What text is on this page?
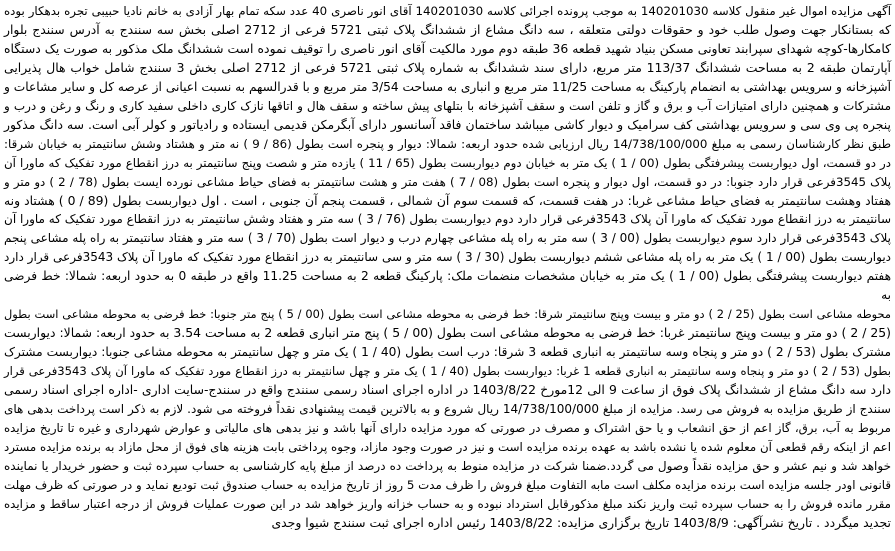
آگهی مزایده اموال غیر منقول کلاسه 140201030 به موجب پرونده اجرائی کلاسه 140201030 آقای انور ناصری 40 عدد سکه تمام بهار آزادی به خانم نادیا حبیبی تجره بدهکار بوده
که بستانکار جهت وصول طلب خود و حقوقات دولتی متعلقه ، سه دانگ مشاع از ششدانگ پلاک ثبتی 5721 فرعی از 2712 اصلی بخش سه سنندج به آدرس سنندج بلوار
کامکارها-کوچه شهدای سپرابند تعاونی مسکن بنیاد شهید قطعه 36 طبقه دوم مورد مالکیت آقای انور ناصری را توقیف نموده است ششدانگ ملک مذکور به صورت یک دستگاه
آپارتمان طبقه 2 به مساحت ششدانگ 113/37 متر مربع، دارای سند ششدانگ به شماره پلاک ثبتی 5721 فرعی از 2712 اصلی بخش 3 سنندج شامل خواب هال پذیرایی
آشپزخانه و سرویس بهداشتی به انضمام پارکینگ به مساحت 11/25 متر مربع و انباری به مساحت 3/54 متر مربع و با قدرالسهم به نسبت اعیانی از عرصه کل و سایر مشاعات و
مشترکات و همچنین دارای امتیازات آب و برق و گاز و تلفن است و سقف آشپزخانه با بتلهای پیش ساخته و سقف هال و اتاقها نازک کاری داخلی سفید کاری و رنگ و رغن و درب و
پنجره پی وی سی و سرویس بهداشتی کف سرامیک و دیوار کاشی میباشد ساختمان فاقد آسانسور دارای آبگرمکن قدیمی ایستاده و رادیاتور و کولر آبی است. سه دانگ مذکور
طبق نظر کارشناسان رسمی به مبلغ 14/738/100/000 ریال ارزیابی شده حدود اربعه: شمالا: دیوار و پنجره است بطول (86 / 9 ) نه متر و هشتاد وشش سانتیمتر به خیابان شرقا:
در دو قسمت، اول دیواربست پیشرفتگی بطول (00 / 1 ) یک متر به خیابان دوم دیواربست بطول (65 / 11 ) یازده متر و شصت وپنج سانتیمتر به درز انقطاع مورد تفکیک که ماورا آن
پلاک 3545فرعی قرار دارد جنوبا: در دو قسمت، اول دیوار و پنجره است بطول (08 / 7 ) هفت متر و هشت سانتیمتر به فضای حیاط مشاعی نورده ایست بطول (78 / 2 ) دو متر و
هفتاد وهشت سانتیمتر به فضای حیاط مشاعی غربا: در هفت قسمت، که قسمت سوم آن شمالی ، قسمت پنجم آن جنوبی ، است . اول دیواربست بطول (89 / 0 ) هشتاد ونه
سانتیمتر به درز انقطاع مورد تفکیک که ماورا آن پلاک 3543فرعی قرار دارد دوم دیواربست بطول (76 / 3 ) سه متر و هفتاد وشش سانتیمتر به درز انقطاع مورد تفکیک که ماورا آن
پلاک 3543فرعی قرار دارد سوم دیواربست بطول (00 / 3 ) سه متر به راه پله مشاعی چهارم درب و دیوار است بطول (70 / 3 ) سه متر و هفتاد سانتیمتر به راه پله مشاعی پنجم
دیواربست بطول (00 / 1 ) یک متر به راه پله مشاعی ششم دیواربست بطول (30 / 3 ) سه متر و سی سانتیمتر به درز انقطاع مورد تفکیک که ماورا آن پلاک 3543فرعی قرار دارد
هفتم دیواربست پیشرفتگی بطول (00 / 1 ) یک متر به خیابان مشخصات منضمات ملک: پارکینگ قطعه 2 به مساحت 11.25 واقع در طبقه 0 به حدود اربعه: شمالا: خط فرضی به
محوطه مشاعی است بطول (25 / 2 ) دو متر و بیست وپنج سانتیمتر شرقا: خط فرضی به محوطه مشاعی است بطول (00 / 5 ) پنج متر جنوبا: خط فرضی به محوطه مشاعی است بطول
(25 / 2 ) دو متر و بیست وپنج سانتیمتر غربا: خط فرضی به محوطه مشاعی است بطول (00 / 5 ) پنج متر انباری قطعه 2 به مساحت 3.54 به حدود اربعه: شمالا: دیواربست
مشترک بطول (53 / 2 ) دو متر و پنجاه وسه سانتیمتر به انباری قطعه 3 شرقا: درب است بطول (40 / 1 ) یک متر و چهل سانتیمتر به محوطه مشاعی جنوبا: دیواربست مشترک
بطول (53 / 2 ) دو متر و پنجاه وسه سانتیمتر به انباری قطعه 1 غربا: دیواربست بطول (40 / 1 ) یک متر و چهل سانتیمتر به درز انقطاع مورد تفکیک که ماورا آن پلاک 3543فرعی قرار
دارد سه دانگ مشاع از ششدانگ پلاک فوق از ساعت 9 الی 12مورخ 1403/8/22 در اداره اجرای اسناد رسمی سنندج واقع در سنندج-سایت اداری -اداره اجرای اسناد رسمی
سنندج از طریق مزایده به فروش می رسد. مزایده از مبلغ 14/738/100/000 ریال شروع و به بالاترین قیمت پیشنهادی نقداً فروخته می شود. لازم به ذکر است پرداخت بدهی های
مربوط به آب، برق، گاز اعم از حق انشعاب و یا حق اشتراک و مصرف در صورتی که مورد مزایده دارای آنها باشد و نیز بدهی های مالیاتی و عوارض شهرداری و غیره تا تاریخ مزایده
اعم از اینکه رقم قطعی آن معلوم شده یا نشده باشد به عهده برنده مزایده است و نیز در صورت وجود مازاد، وجوه پرداختی بابت هزینه های فوق از محل مازاد به برنده مزایده مسترد
خواهد شد و نیم عشر و حق مزایده نقداً وصول می گردد.ضمنا شرکت در مزایده منوط به پرداخت ده درصد از مبلغ پایه کارشناسی به حساب سپرده ثبت و حضور خریدار یا نماینده
قانونی اودر جلسه مزایده است برنده مزایده مکلف است مابه التفاوت مبلغ فروش را ظرف مدت 5 روز از تاریخ مزایده به حساب صندوق ثبت تودیع نماید و در صورتی که ظرف مهلت
مقرر مانده فروش را به حساب سپرده ثبت واریز نکند مبلغ مذکورقابل استرداد نبوده و به حساب خزانه واریز خواهد شد در این صورت عملیات فروش از درجه اعتبار ساقط و مزایده
تجدید میگردد . تاریخ نشرآگهی: 1403/8/9 تاریخ برگزاری مزایده: 1403/8/22 رئیس اداره اجرای ثبت سنندج شیوا وجدی
